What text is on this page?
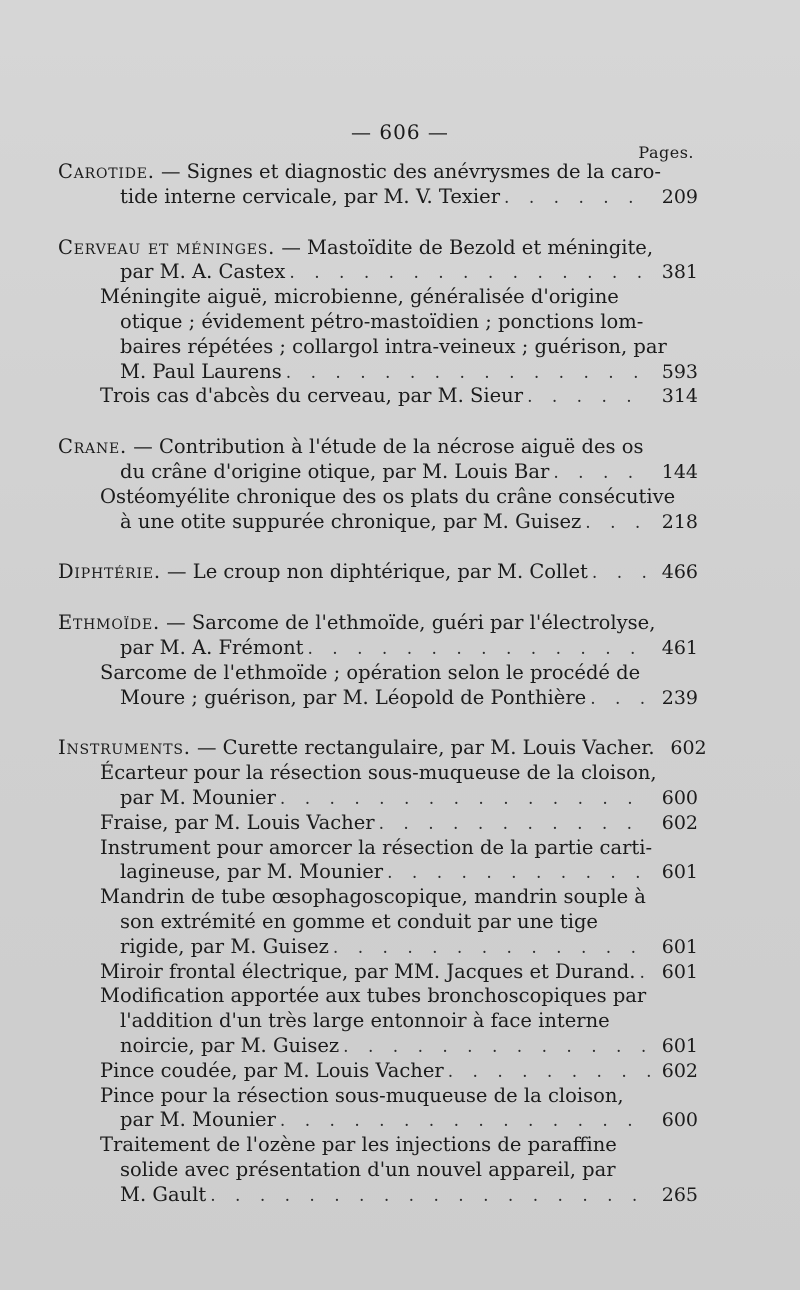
— 606 —
Pages.
Carotide. — Signes et diagnostic des anévrysmes de la caro-
tide interne cervicale, par M. V. Texier . . .	209
Cerveau et méninges. — Mastoïdite de Bezold et méningite,
par M. A. Castex . . .	381
Méningite aiguë, microbienne, généralisée d'origine
otique ; évidement pétro-mastoïdien ; ponctions lom-
baires répétées ; collargol intra-veineux ; guérison, par
M. Paul Laurens . . .	593
Trois cas d'abcès du cerveau, par M. Sieur . . .	314
Crane. — Contribution à l'étude de la nécrose aiguë des os
du crâne d'origine otique, par M. Louis Bar . . .	144
Ostéomyélite chronique des os plats du crâne consécutive
à une otite suppurée chronique, par M. Guisez . . .	218
Diphtérie. — Le croup non diphtérique, par M. Collet . . .	466
Ethmoïde. — Sarcome de l'ethmoïde, guéri par l'électrolyse,
par M. A. Frémont . . .	461
Sarcome de l'ethmoïde ; opération selon le procédé de
Moure ; guérison, par M. Léopold de Ponthière . . .	239
Instruments. — Curette rectangulaire, par M. Louis Vacher. 602
Écarteur pour la résection sous-muqueuse de la cloison,
par M. Mounier . . .	600
Fraise, par M. Louis Vacher . . .	602
Instrument pour amorcer la résection de la partie carti-
lagineuse, par M. Mounier . . .	601
Mandrin de tube œsophagoscopique, mandrin souple à
son extrémité en gomme et conduit par une tige
rigide, par M. Guisez . . .	601
Miroir frontal électrique, par MM. Jacques et Durand. . . .	601
Modification apportée aux tubes bronchoscopiques par
l'addition d'un très large entonnoir à face interne
noircie, par M. Guisez . . .	601
Pince coudée, par M. Louis Vacher . . .	602
Pince pour la résection sous-muqueuse de la cloison,
par M. Mounier . . .	600
Traitement de l'ozène par les injections de paraffine
solide avec présentation d'un nouvel appareil, par
M. Gault . . .	265
